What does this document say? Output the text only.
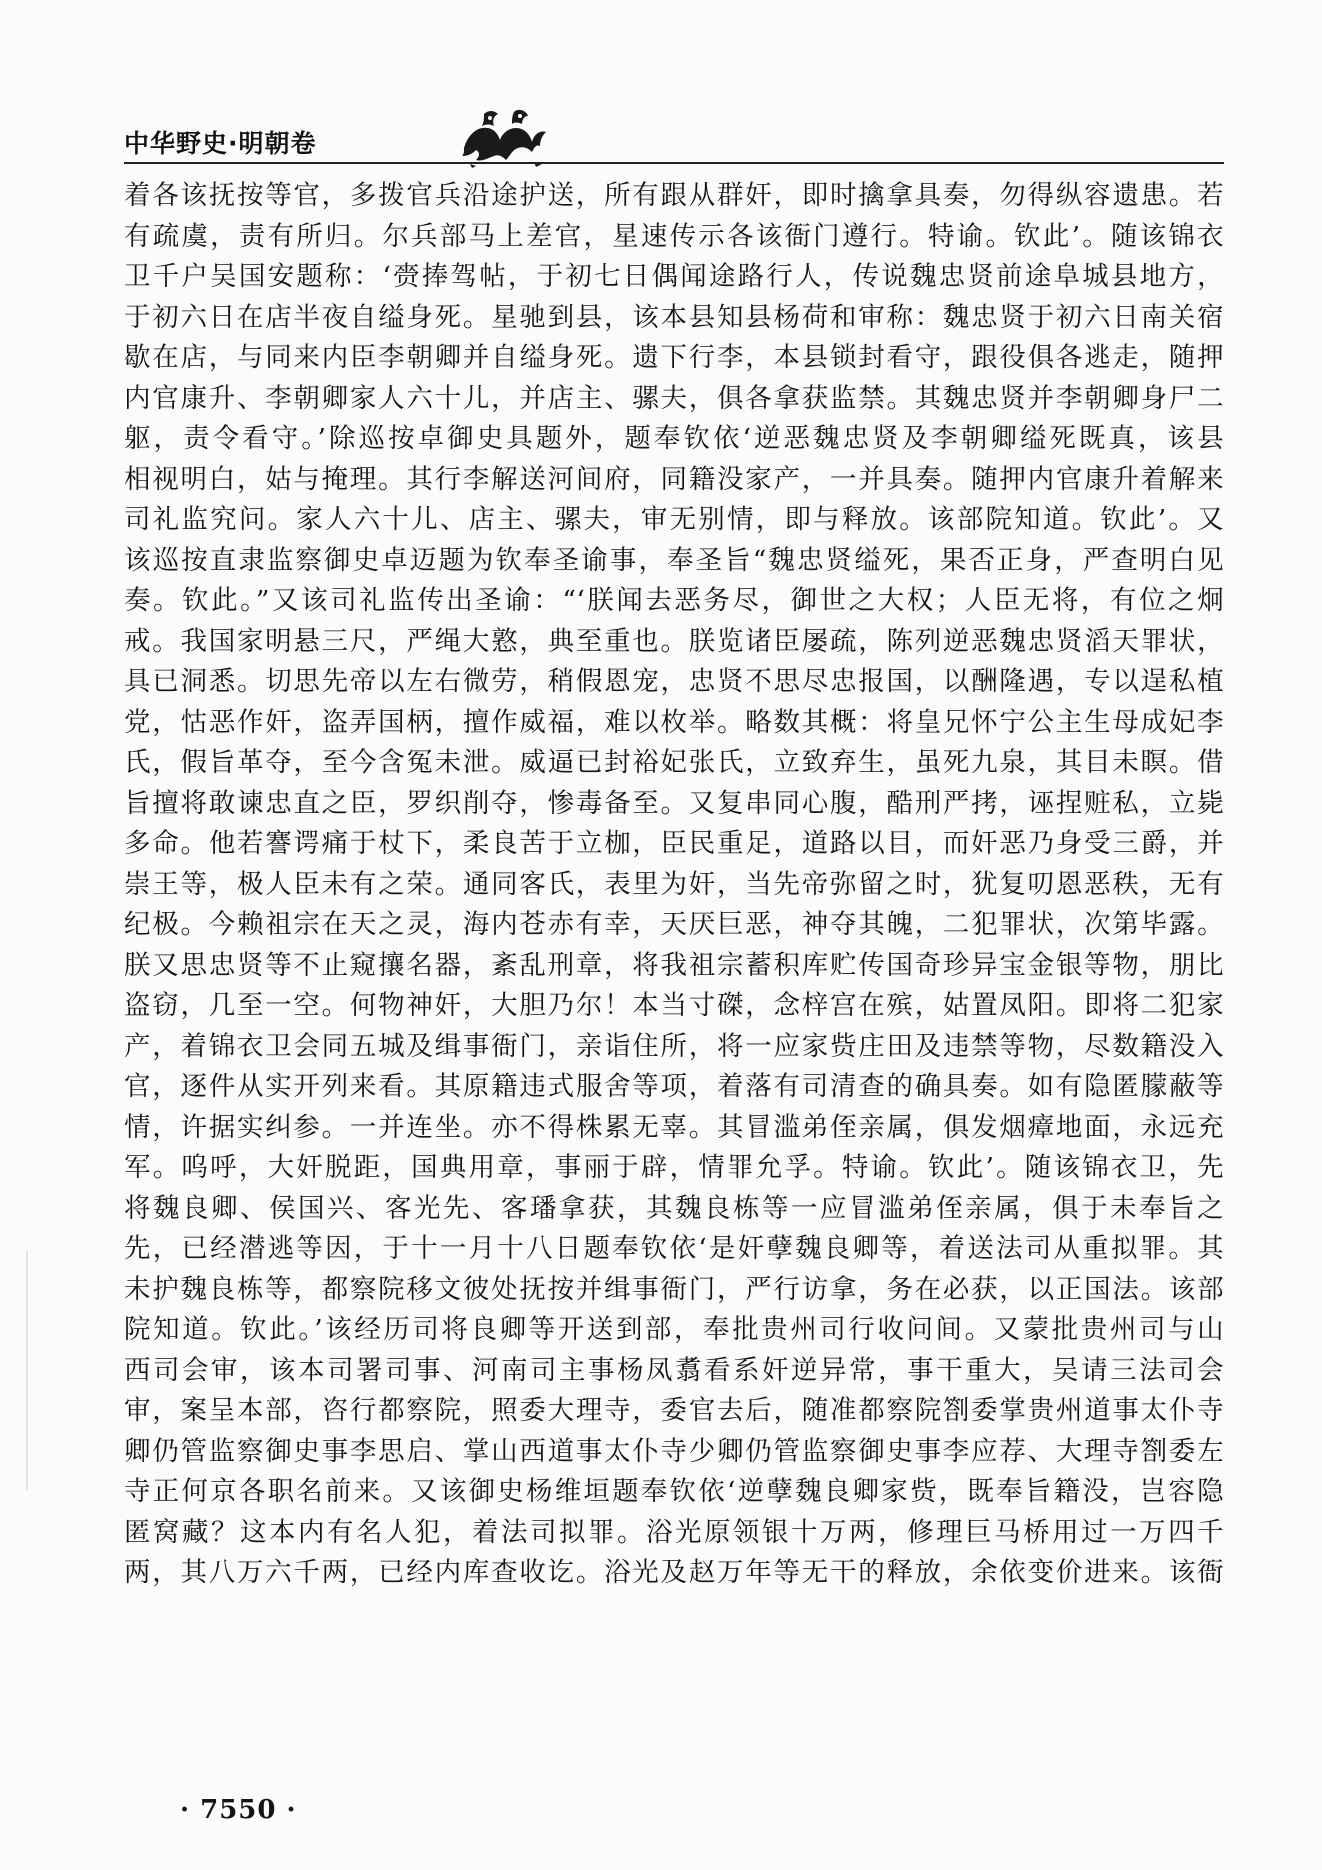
中华野史·明朝卷
着各该抚按等官，多拨官兵沿途护送，所有跟从群奸，即时擒拿具奏，勿得纵容遗患。若
有疏虞，责有所归。尔兵部马上差官，星速传示各该衙门遵行。特谕。钦此’。随该锦衣
卫千户吴国安题称：‘赍捧驾帖，于初七日偶闻途路行人，传说魏忠贤前途阜城县地方，
于初六日在店半夜自缢身死。星驰到县，该本县知县杨荷和审称：魏忠贤于初六日南关宿
歇在店，与同来内臣李朝卿并自缢身死。遗下行李，本县锁封看守，跟役俱各逃走，随押
内官康升、李朝卿家人六十儿，并店主、骡夫，俱各拿获监禁。其魏忠贤并李朝卿身尸二
躯，责令看守。’除巡按卓御史具题外，题奉钦依‘逆恶魏忠贤及李朝卿缢死既真，该县
相视明白，姑与掩理。其行李解送河间府，同籍没家产，一并具奏。随押内官康升着解来
司礼监究问。家人六十儿、店主、骡夫，审无别情，即与释放。该部院知道。钦此’。又
该巡按直隶监察御史卓迈题为钦奉圣谕事，奉圣旨“魏忠贤缢死，果否正身，严查明白见
奏。钦此。”又该司礼监传出圣谕：“‘朕闻去恶务尽，御世之大权；人臣无将，有位之炯
戒。我国家明悬三尺，严绳大憝，典至重也。朕览诸臣屡疏，陈列逆恶魏忠贤滔天罪状，
具已洞悉。切思先帝以左右微劳，稍假恩宠，忠贤不思尽忠报国，以酬隆遇，专以逞私植
党，怙恶作奸，盗弄国柄，擅作威福，难以枚举。略数其概：将皇兄怀宁公主生母成妃李
氏，假旨革夺，至今含冤未泄。威逼已封裕妃张氏，立致弃生，虽死九泉，其目未瞑。借
旨擅将敢谏忠直之臣，罗织削夺，惨毒备至。又复串同心腹，酷刑严拷，诬捏赃私，立毙
多命。他若謇谔痛于杖下，柔良苦于立枷，臣民重足，道路以目，而奸恶乃身受三爵，并
崇王等，极人臣未有之荣。通同客氏，表里为奸，当先帝弥留之时，犹复叨恩恶秩，无有
纪极。今赖祖宗在天之灵，海内苍赤有幸，天厌巨恶，神夺其魄，二犯罪状，次第毕露。
朕又思忠贤等不止窥攘名器，紊乱刑章，将我祖宗蓄积库贮传国奇珍异宝金银等物，朋比
盗窃，几至一空。何物神奸，大胆乃尔！本当寸磔，念梓宫在殡，姑置凤阳。即将二犯家
产，着锦衣卫会同五城及缉事衙门，亲诣住所，将一应家赀庄田及违禁等物，尽数籍没入
官，逐件从实开列来看。其原籍违式服舍等项，着落有司清查的确具奏。如有隐匿朦蔽等
情，许据实纠参。一并连坐。亦不得株累无辜。其冒滥弟侄亲属，俱发烟瘴地面，永远充
军。呜呼，大奸脱距，国典用章，事丽于辟，情罪允孚。特谕。钦此’。随该锦衣卫，先
将魏良卿、侯国兴、客光先、客璠拿获，其魏良栋等一应冒滥弟侄亲属，俱于未奉旨之
先，已经潜逃等因，于十一月十八日题奉钦依‘是奸孽魏良卿等，着送法司从重拟罪。其
未护魏良栋等，都察院移文彼处抚按并缉事衙门，严行访拿，务在必获，以正国法。该部
院知道。钦此。’该经历司将良卿等开送到部，奉批贵州司行收问间。又蒙批贵州司与山
西司会审，该本司署司事、河南司主事杨凤翥看系奸逆异常，事干重大，吴请三法司会
审，案呈本部，咨行都察院，照委大理寺，委官去后，随准都察院劄委掌贵州道事太仆寺
卿仍管监察御史事李思启、掌山西道事太仆寺少卿仍管监察御史事李应荐、大理寺劄委左
寺正何京各职名前来。又该御史杨维垣题奉钦依‘逆孽魏良卿家赀，既奉旨籍没，岂容隐
匿窝藏？这本内有名人犯，着法司拟罪。浴光原领银十万两，修理巨马桥用过一万四千
两，其八万六千两，已经内库查收讫。浴光及赵万年等无干的释放，余依变价进来。该衙
· 7550 ·
